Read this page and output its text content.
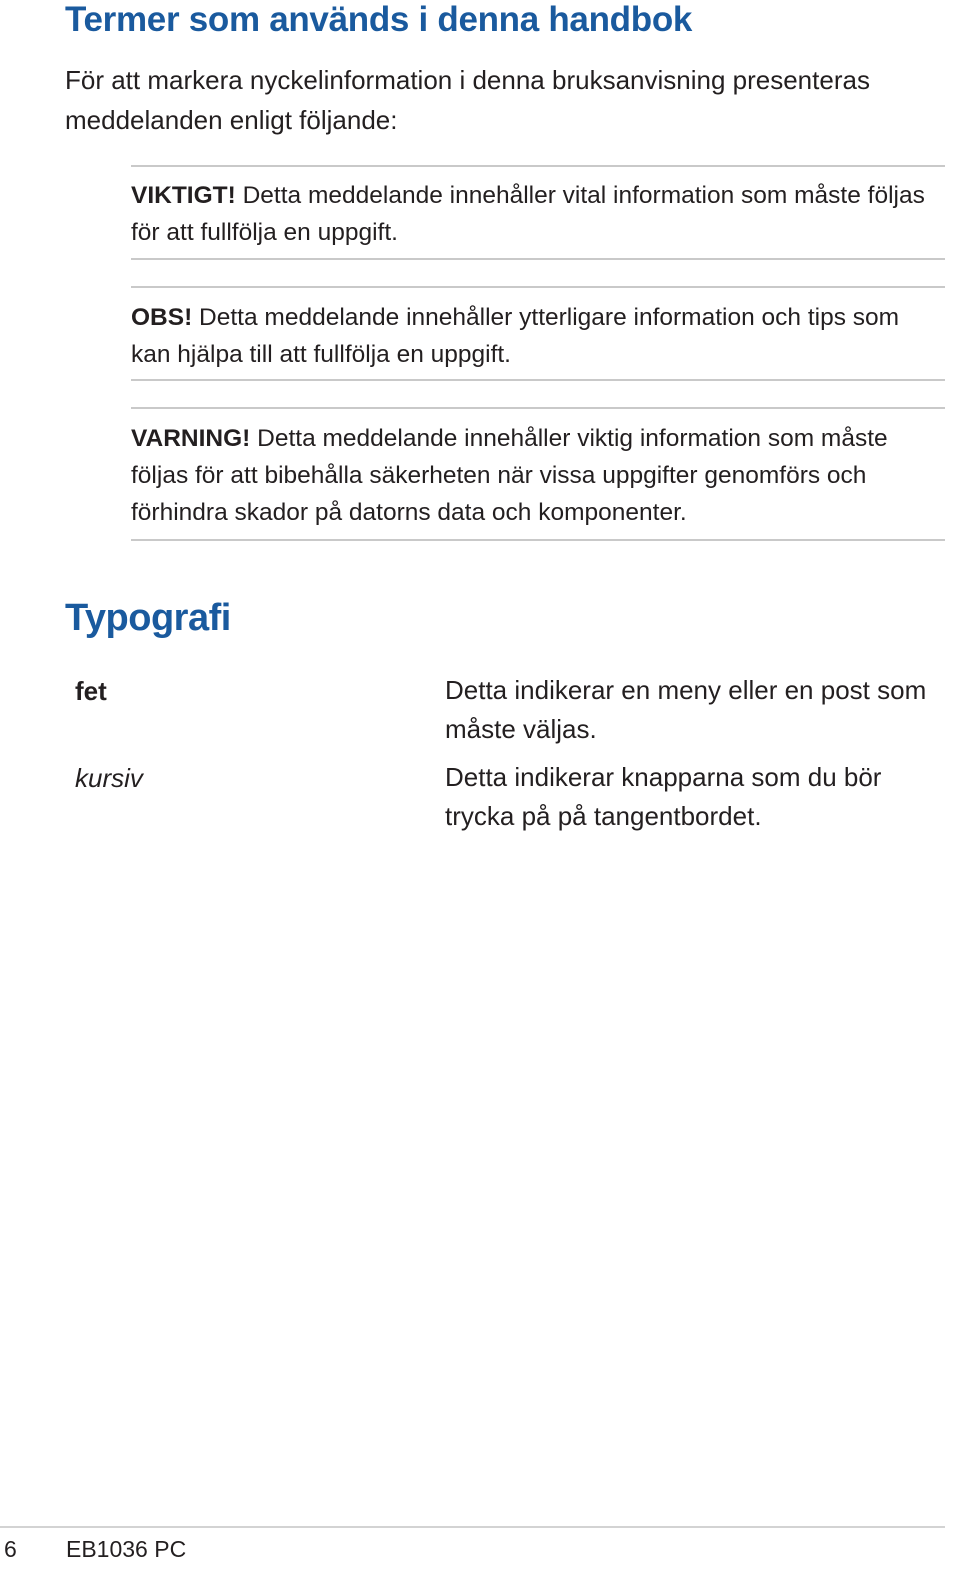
Termer som används i denna handbok

För att markera nyckelinformation i denna bruksanvisning presenteras meddelanden enligt följande:

VIKTIGT! Detta meddelande innehåller vital information som måste följas för att fullfölja en uppgift.

OBS! Detta meddelande innehåller ytterligare information och tips som kan hjälpa till att fullfölja en uppgift.

VARNING! Detta meddelande innehåller viktig information som måste följas för att bibehålla säkerheten när vissa uppgifter genomförs och förhindra skador på datorns data och komponenter.

Typografi
fet	Detta indikerar en meny eller en post som måste väljas.

kursiv	Detta indikerar knapparna som du bör trycka på på tangentbordet.

6 EB1036 PC
